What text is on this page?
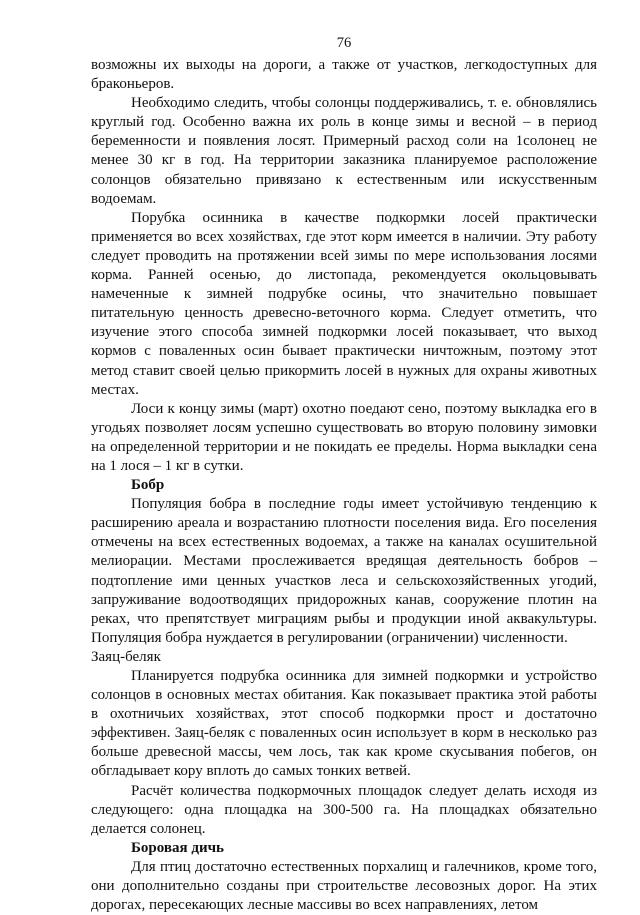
76

возможны их выходы на дороги, а также от участков, легкодоступных для браконьеров.

Необходимо следить, чтобы солонцы поддерживались, т. е. обновлялись круглый год. Особенно важна их роль в конце зимы и весной – в период беременности и появления лосят. Примерный расход соли на 1солонец не менее 30 кг в год. На территории заказника планируемое расположение солонцов обязательно привязано к естественным или искусственным водоемам.

Порубка осинника в качестве подкормки лосей практически применяется во всех хозяйствах, где этот корм имеется в наличии. Эту работу следует проводить на протяжении всей зимы по мере использования лосями корма. Ранней осенью, до листопада, рекомендуется окольцовывать намеченные к зимней подрубке осины, что значительно повышает питательную ценность древесно-веточного корма. Следует отметить, что изучение этого способа зимней подкормки лосей показывает, что выход кормов с поваленных осин бывает практически ничтожным, поэтому этот метод ставит своей целью прикормить лосей в нужных для охраны животных местах.

Лоси к концу зимы (март) охотно поедают сено, поэтому выкладка его в угодьях позволяет лосям успешно существовать во вторую половину зимовки на определенной территории и не покидать ее пределы. Норма выкладки сена на 1 лося – 1 кг в сутки.

Бобр

Популяция бобра в последние годы имеет устойчивую тенденцию к расширению ареала и возрастанию плотности поселения вида. Его поселения отмечены на всех естественных водоемах, а также на каналах осушительной мелиорации. Местами прослеживается вредящая деятельность бобров – подтопление ими ценных участков леса и сельскохозяйственных угодий, запруживание водоотводящих придорожных канав, сооружение плотин на реках, что препятствует миграциям рыбы и продукции иной аквакультуры. Популяция бобра нуждается в регулировании (ограничении) численности.

Заяц-беляк

Планируется подрубка осинника для зимней подкормки и устройство солонцов в основных местах обитания. Как показывает практика этой работы в охотничьих хозяйствах, этот способ подкормки прост и достаточно эффективен. Заяц-беляк с поваленных осин использует в корм в несколько раз больше древесной массы, чем лось, так как кроме скусывания побегов, он обгладывает кору вплоть до самых тонких ветвей.

Расчёт количества подкормочных площадок следует делать исходя из следующего: одна площадка на 300-500 га. На площадках обязательно делается солонец.

Боровая дичь

Для птиц достаточно естественных порхалищ и галечников, кроме того, они дополнительно созданы при строительстве лесовозных дорог. На этих дорогах, пересекающих лесные массивы во всех направлениях, летом
